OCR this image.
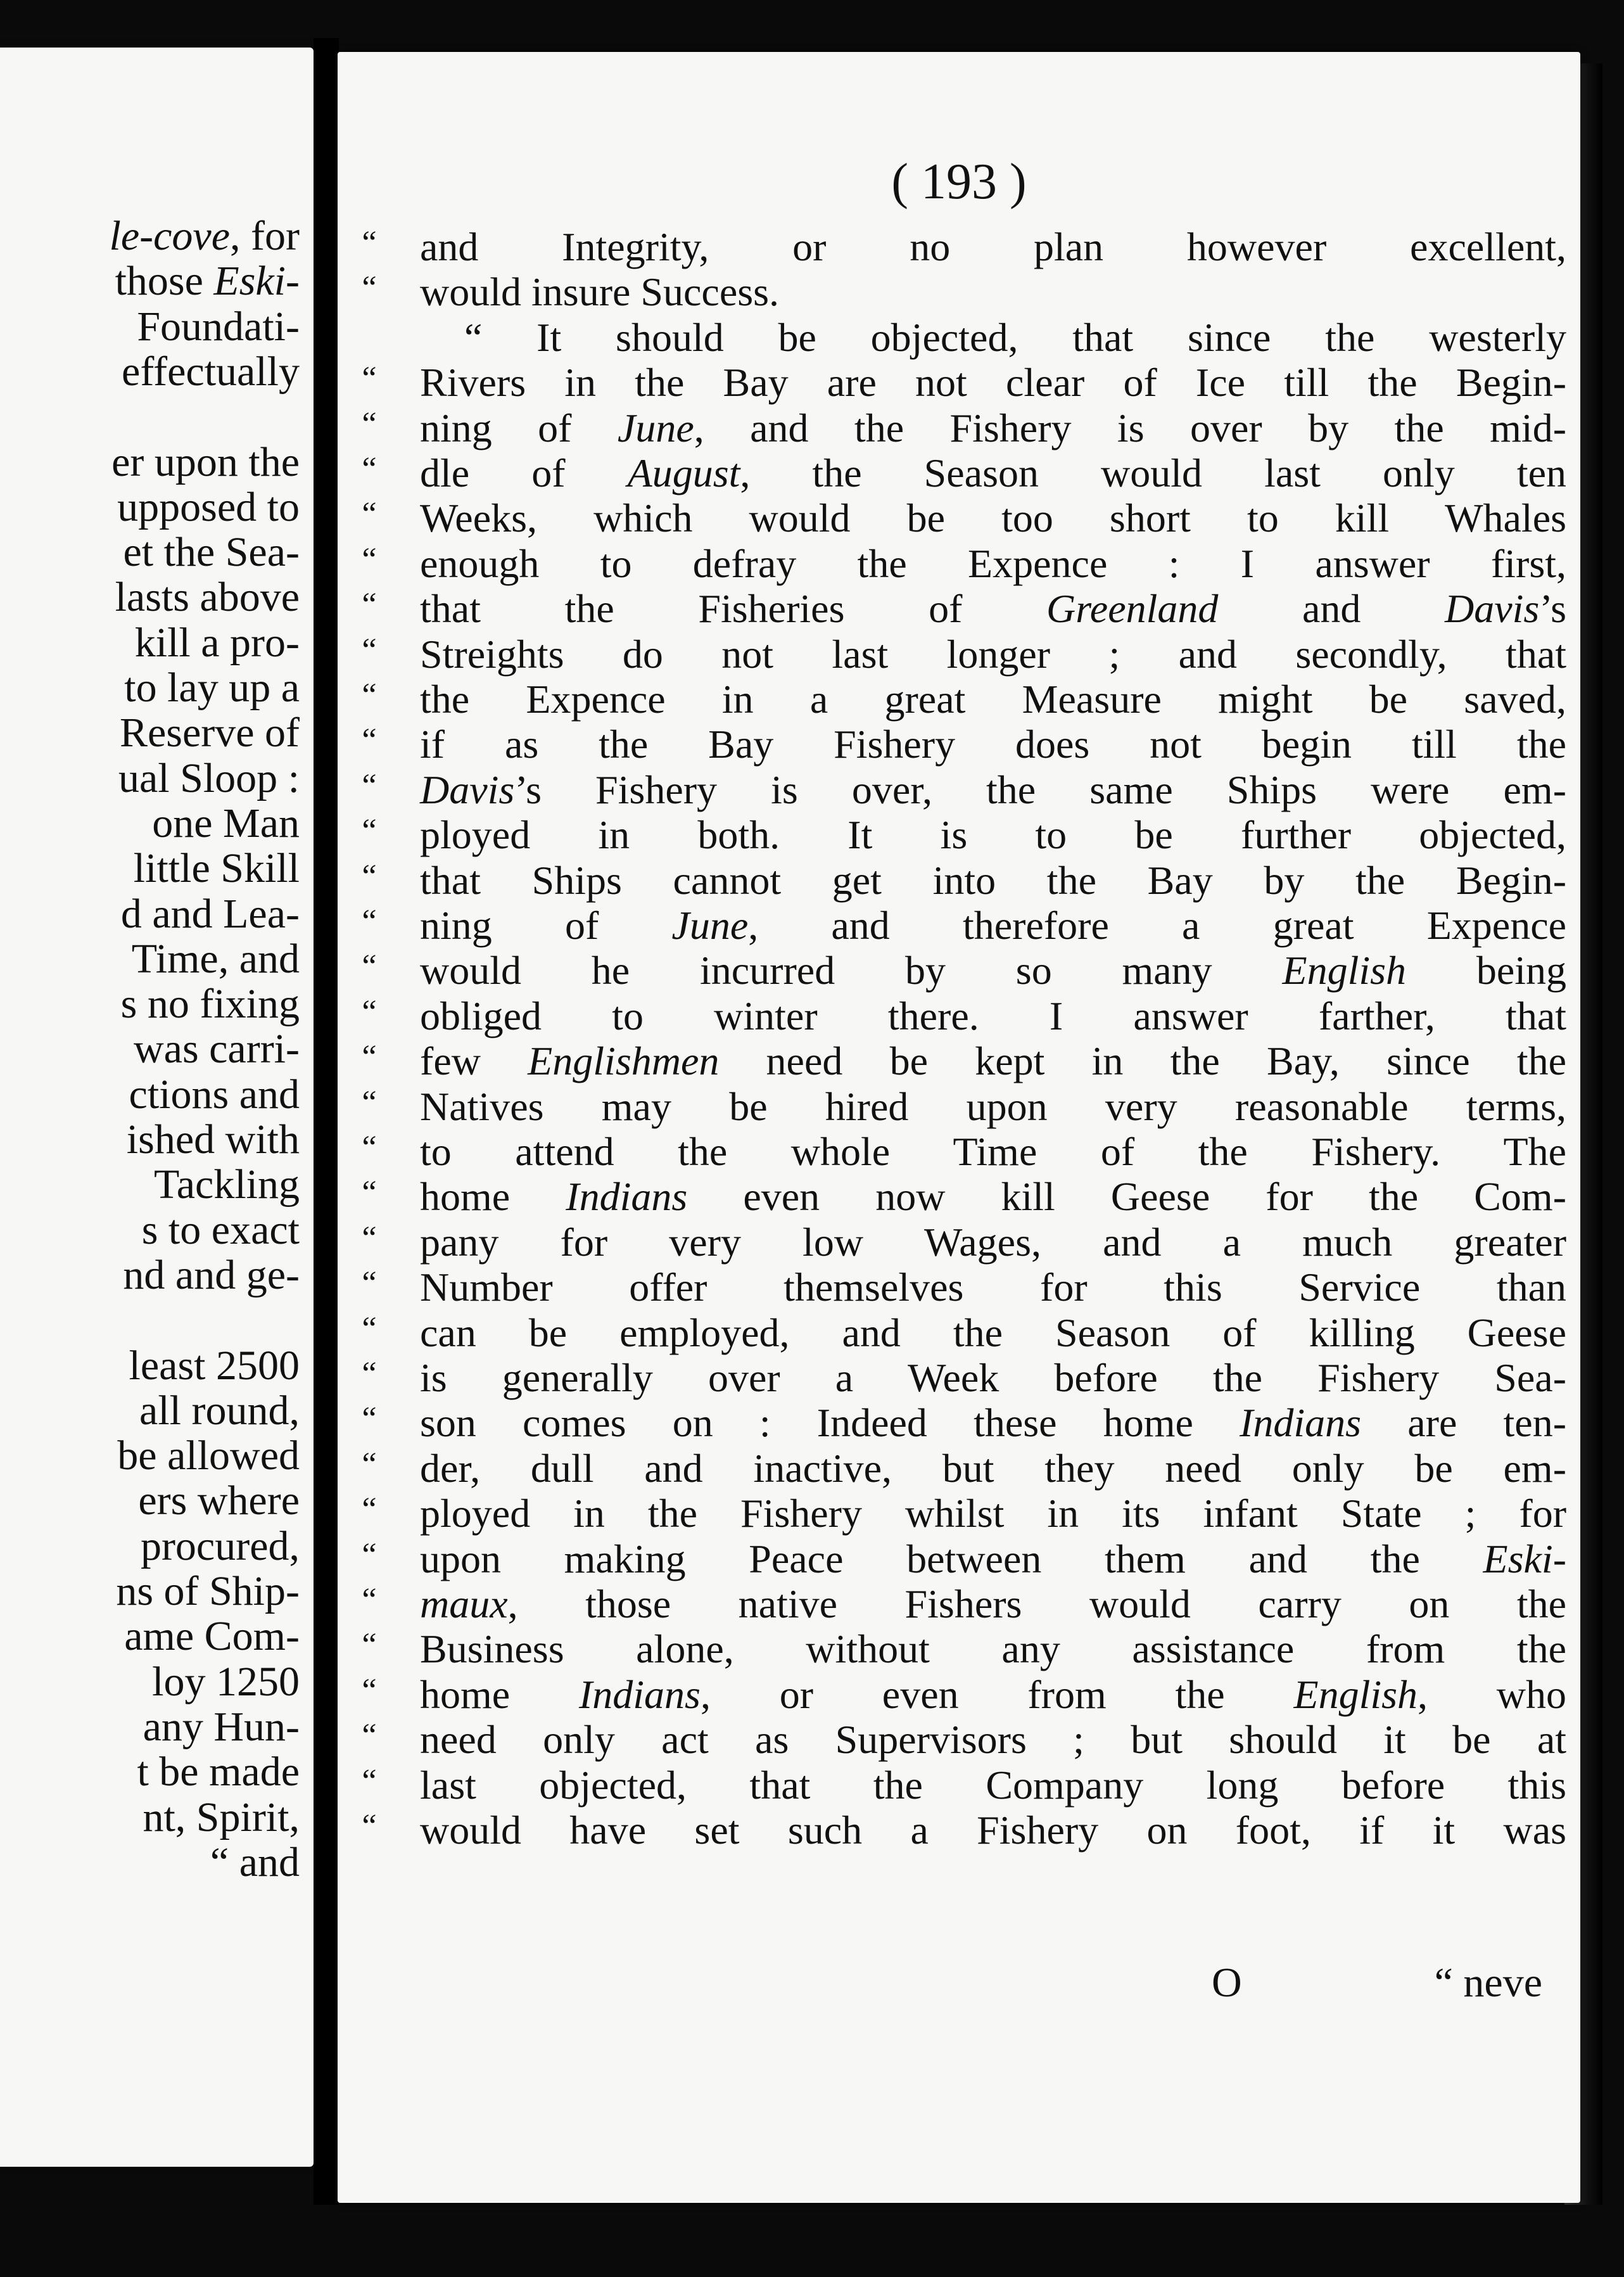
le-cove, for
those Eski-
Foundati-
effectually
er upon the
upposed to
et the Sea-
lasts above
kill a pro-
to lay up a
Reserve of
ual Sloop :
one Man
little Skill
d and Lea-
Time, and
s no fixing
was carri-
ctions and
ished with
Tackling
s to exact
nd and ge-
least 2500
all round,
be allowed
ers where
procured,
ns of Ship-
ame Com-
loy 1250
any Hun-
t be made
nt, Spirit,
“ and
( 193 )
“	and Integrity, or no plan however excellent,
“	would insure Success.
“ It should be objected, that since the westerly
“	Rivers in the Bay are not clear of Ice till the Begin-
“	ning of June, and the Fishery is over by the mid-
“	dle of August, the Season would last only ten
“	Weeks, which would be too short to kill Whales
“	enough to defray the Expence : I answer first,
“	that the Fisheries of Greenland and Davis’s
“	Streights do not last longer ; and secondly, that
“	the Expence in a great Measure might be saved,
“	if as the Bay Fishery does not begin till the
“	Davis’s Fishery is over, the same Ships were em-
“	ployed in both. It is to be further objected,
“	that Ships cannot get into the Bay by the Begin-
“	ning of June, and therefore a great Expence
“	would he incurred by so many English being
“	obliged to winter there. I answer farther, that
“	few Englishmen need be kept in the Bay, since the
“	Natives may be hired upon very reasonable terms,
“	to attend the whole Time of the Fishery. The
“	home Indians even now kill Geese for the Com-
“	pany for very low Wages, and a much greater
“	Number offer themselves for this Service than
“	can be employed, and the Season of killing Geese
“	is generally over a Week before the Fishery Sea-
“	son comes on : Indeed these home Indians are ten-
“	der, dull and inactive, but they need only be em-
“	ployed in the Fishery whilst in its infant State ; for
“	upon making Peace between them and the Eski-
“	maux, those native Fishers would carry on the
“	Business alone, without any assistance from the
“	home Indians, or even from the English, who
“	need only act as Supervisors ; but should it be at
“	last objected, that the Company long before this
“	would have set such a Fishery on foot, if it was
O	“ neve
